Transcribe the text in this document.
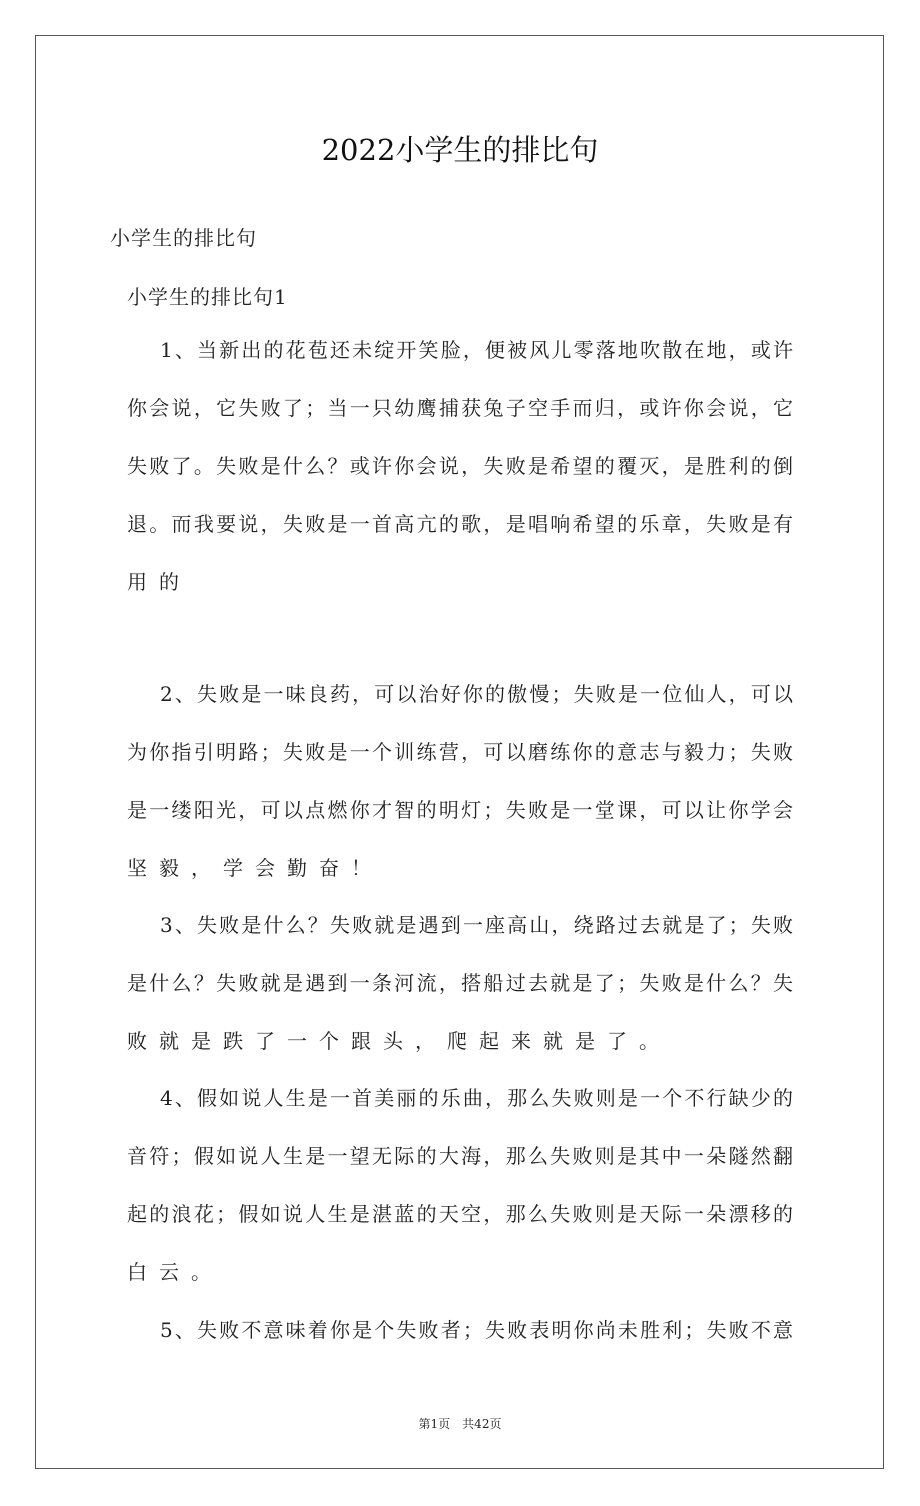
2022小学生的排比句
小学生的排比句
小学生的排比句1
1、当新出的花苞还未绽开笑脸，便被风儿零落地吹散在地，或许
你会说，它失败了；当一只幼鹰捕获兔子空手而归，或许你会说，它
失败了。失败是什么？或许你会说，失败是希望的覆灭，是胜利的倒
退。而我要说，失败是一首高亢的歌，是唱响希望的乐章，失败是有
用的
2、失败是一味良药，可以治好你的傲慢；失败是一位仙人，可以
为你指引明路；失败是一个训练营，可以磨练你的意志与毅力；失败
是一缕阳光，可以点燃你才智的明灯；失败是一堂课，可以让你学会
坚毅，学会勤奋！
3、失败是什么？失败就是遇到一座高山，绕路过去就是了；失败
是什么？失败就是遇到一条河流，搭船过去就是了；失败是什么？失
败就是跌了一个跟头，爬起来就是了。
4、假如说人生是一首美丽的乐曲，那么失败则是一个不行缺少的
音符；假如说人生是一望无际的大海，那么失败则是其中一朵隧然翻
起的浪花；假如说人生是湛蓝的天空，那么失败则是天际一朵漂移的
白云。
5、失败不意味着你是个失败者；失败表明你尚未胜利；失败不意
第1页　共42页
